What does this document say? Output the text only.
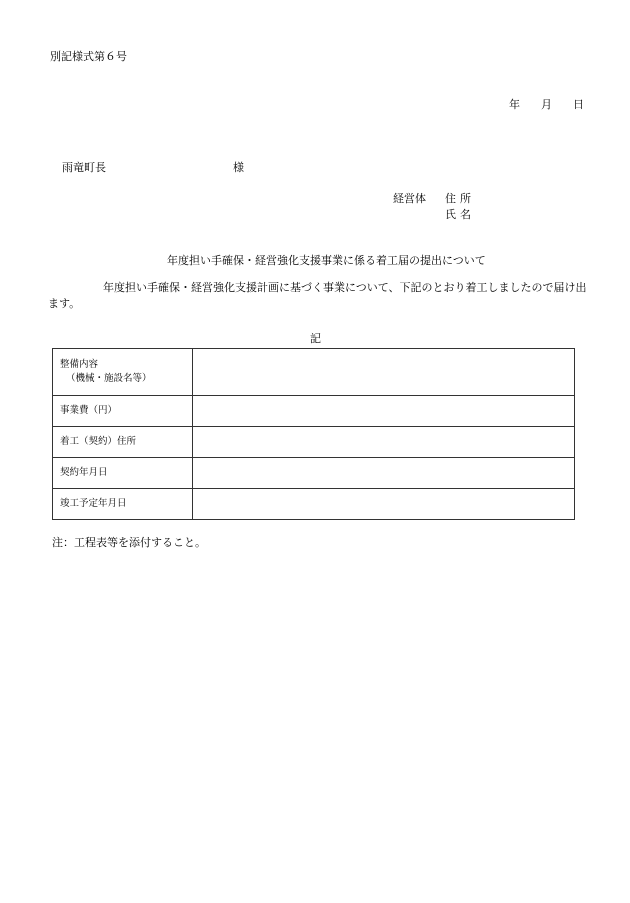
別記様式第６号
年 月 日
雨竜町長	様
経営体 住所
氏名
年度担い手確保・経営強化支援事業に係る着工届の提出について
年度担い手確保・経営強化支援計画に基づく事業について、下記のとおり着工しましたので届け出ます。
記
整備内容
（機械・施設名等）	

事業費（円）	
着工（契約）住所	
契約年月日	
竣工予定年月日	
注：工程表等を添付すること。
